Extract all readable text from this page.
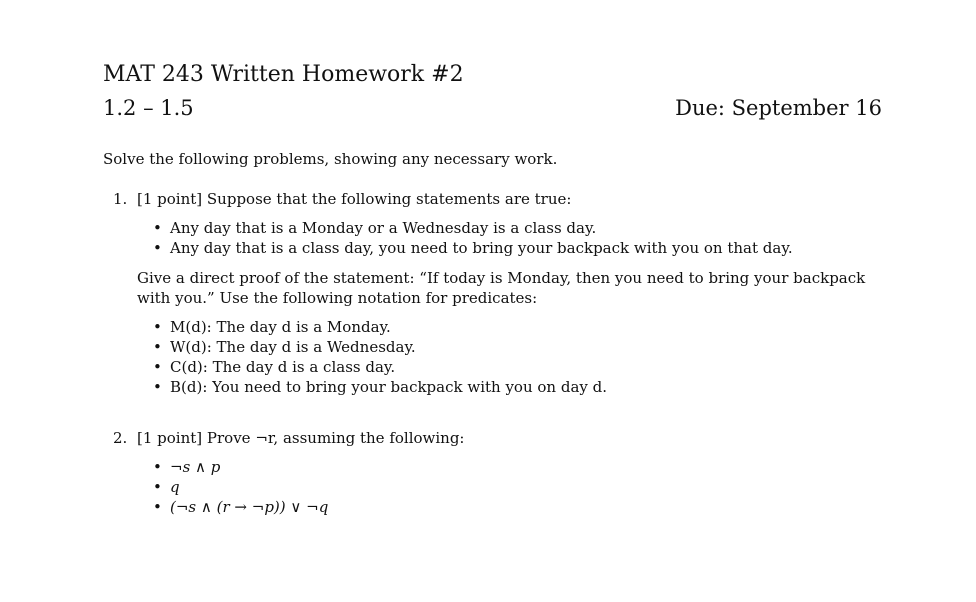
MAT 243 Written Homework #2
1.2 – 1.5	Due: September 16
Solve the following problems, showing any necessary work.
1. [1 point] Suppose that the following statements are true:
• Any day that is a Monday or a Wednesday is a class day.
• Any day that is a class day, you need to bring your backpack with you on that day.
Give a direct proof of the statement: “If today is Monday, then you need to bring your backpack with you.” Use the following notation for predicates:
• M(d): The day d is a Monday.
• W(d): The day d is a Wednesday.
• C(d): The day d is a class day.
• B(d): You need to bring your backpack with you on day d.
2. [1 point] Prove ¬r, assuming the following:
• ¬s ∧ p
• q
• (¬s ∧ (r → ¬p)) ∨ ¬q
